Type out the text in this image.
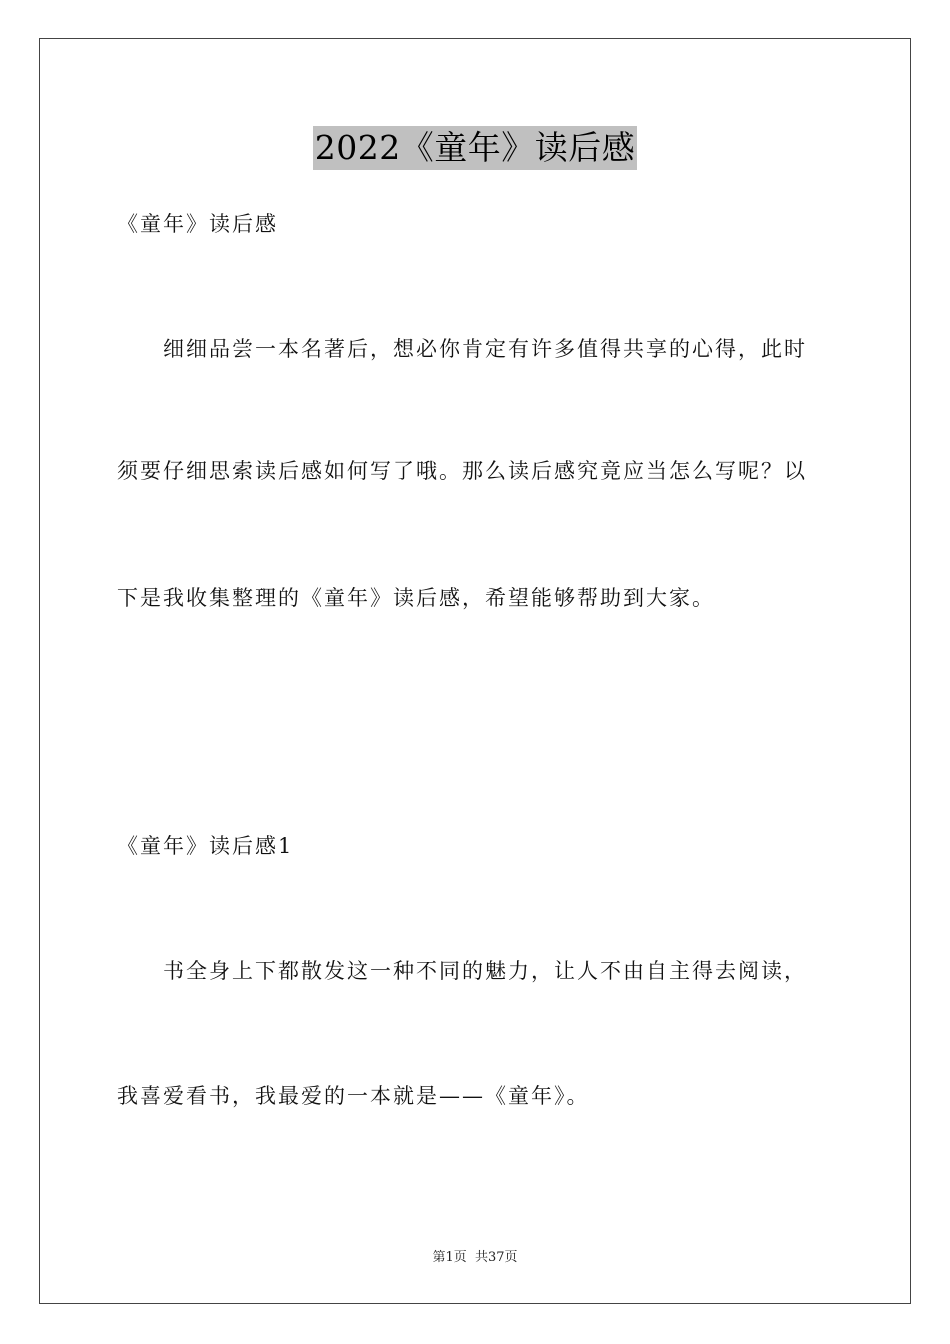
2022《童年》读后感
《童年》读后感
细细品尝一本名著后，想必你肯定有许多值得共享的心得，此时
须要仔细思索读后感如何写了哦。那么读后感究竟应当怎么写呢？以
下是我收集整理的《童年》读后感，希望能够帮助到大家。
《童年》读后感1
书全身上下都散发这一种不同的魅力，让人不由自主得去阅读，
我喜爱看书，我最爱的一本就是——《童年》。
第1页 共37页
